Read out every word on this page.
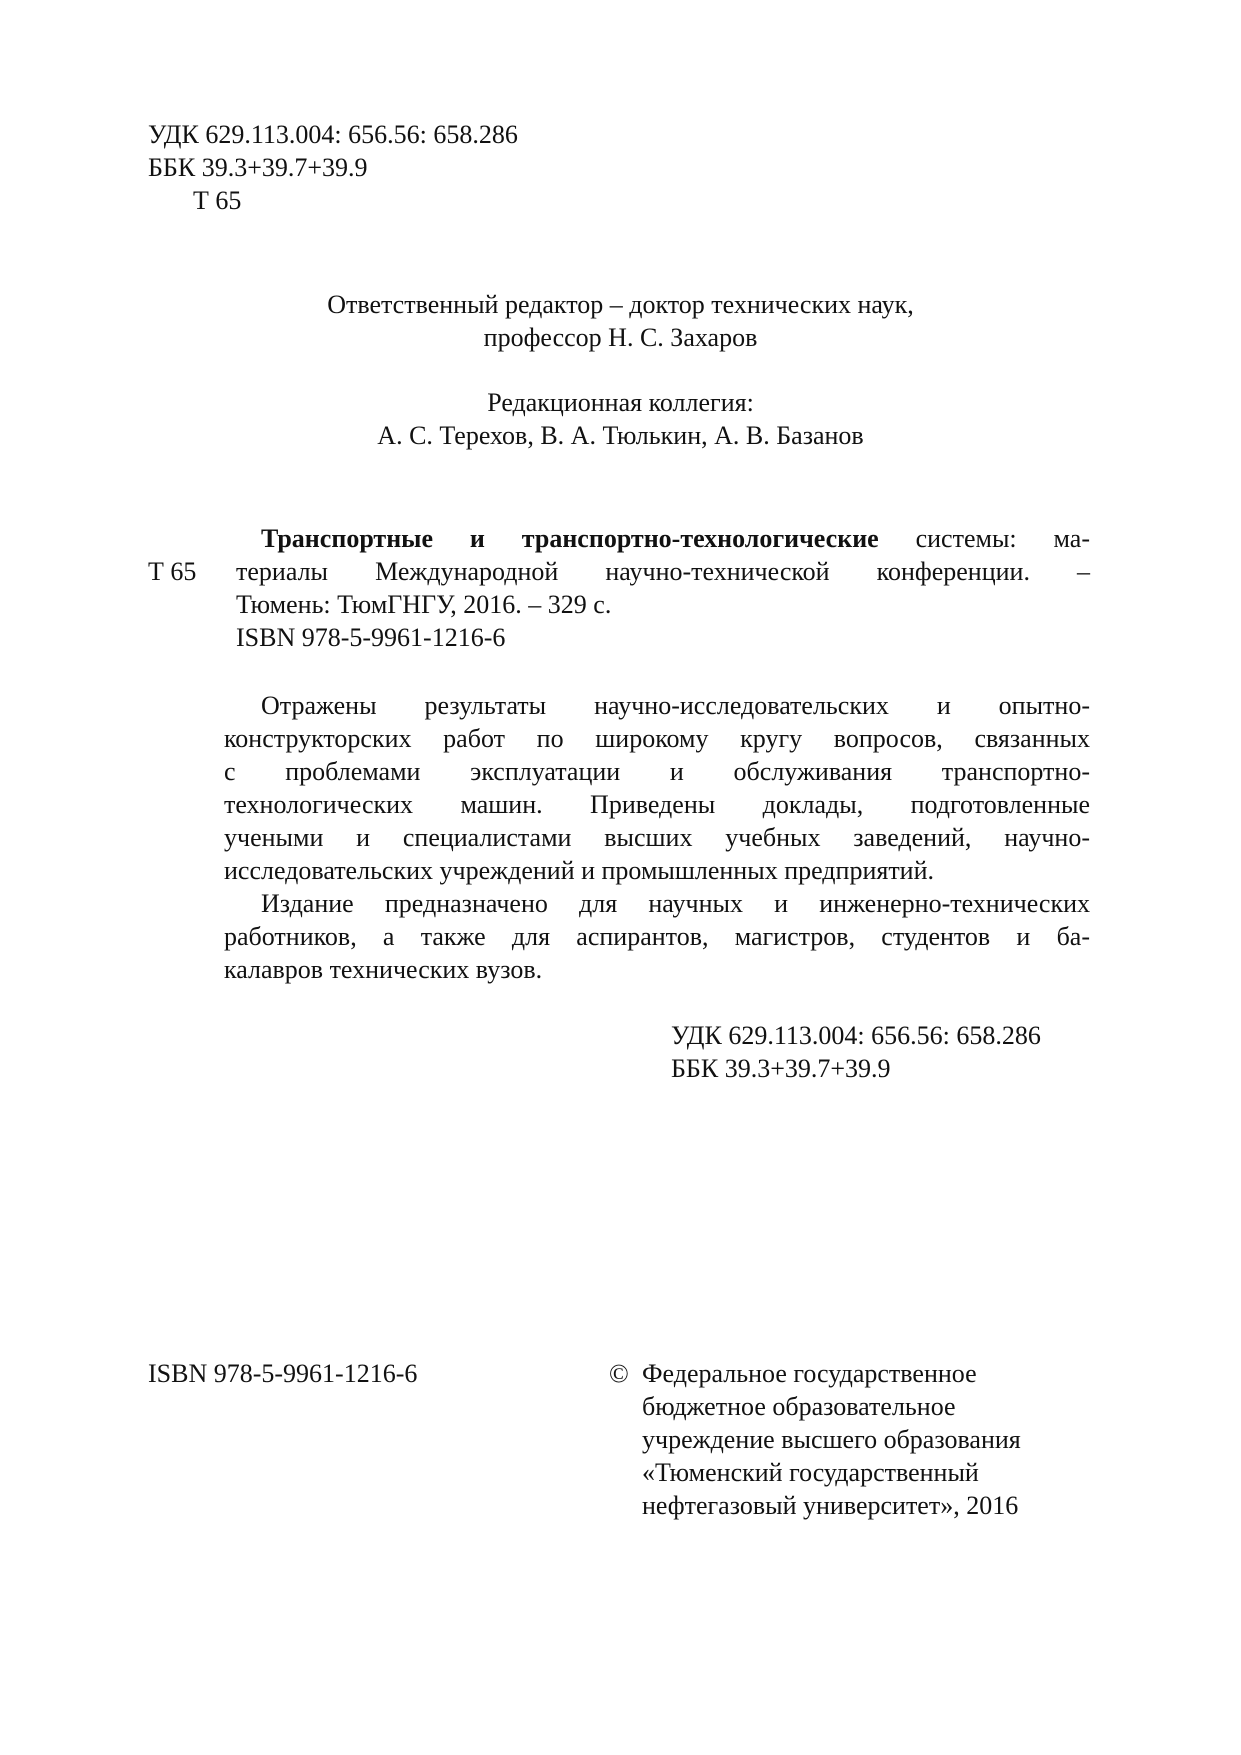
УДК 629.113.004: 656.56: 658.286
ББК 39.3+39.7+39.9
Т 65
Ответственный редактор – доктор технических наук,
профессор Н. С. Захаров
Редакционная коллегия:
А. С. Терехов, В. А. Тюлькин, А. В. Базанов
Т 65
Транспортные и транспортно-технологические системы: ма-
териалы Международной научно-технической конференции. –
Тюмень: ТюмГНГУ, 2016. – 329 с.
ISBN 978-5-9961-1216-6
Отражены результаты научно-исследовательских и опытно-
конструкторских работ по широкому кругу вопросов, связанных
с проблемами эксплуатации и обслуживания транспортно-
технологических машин. Приведены доклады, подготовленные
учеными и специалистами высших учебных заведений, научно-
исследовательских учреждений и промышленных предприятий.
Издание предназначено для научных и инженерно-технических
работников, а также для аспирантов, магистров, студентов и ба-
калавров технических вузов.
УДК 629.113.004: 656.56: 658.286
ББК 39.3+39.7+39.9
ISBN 978-5-9961-1216-6	© Федеральное государственное
бюджетное образовательное
учреждение высшего образования
«Тюменский государственный
нефтегазовый университет», 2016
